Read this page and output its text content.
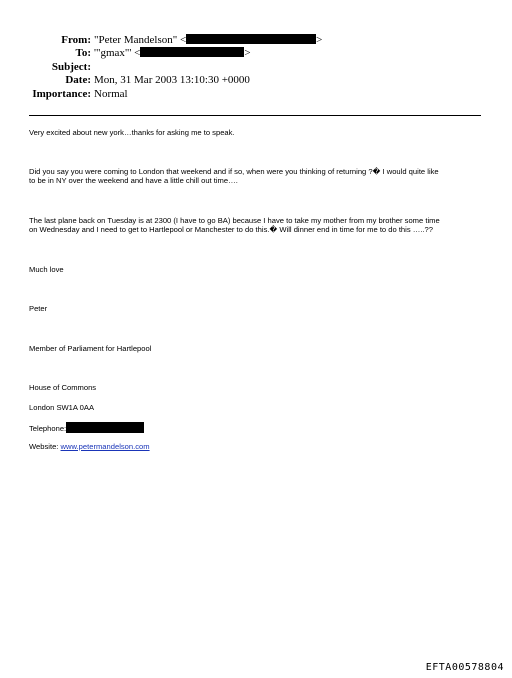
From: "Peter Mandelson" <	>
To: '"gmax"' <	>
Subject:
Date: Mon, 31 Mar 2003 13:10:30 +0000
Importance: Normal
Very excited about new york…thanks for asking me to speak.
Did you say you were coming to London that weekend and if so, when were you thinking of returning ?� I would quite like
to be in NY over the weekend and have a little chill out time….
The last plane back on Tuesday is at 2300 (I have to go BA) because I have to take my mother from my brother some time
on Wednesday and I need to get to Hartlepool or Manchester to do this.� Will dinner end in time for me to do this …..??
Much love
Peter
Member of Parliament for Hartlepool
House of Commons
London SW1A 0AA
Telephone:
Website: www.petermandelson.com
EFTA00578804
